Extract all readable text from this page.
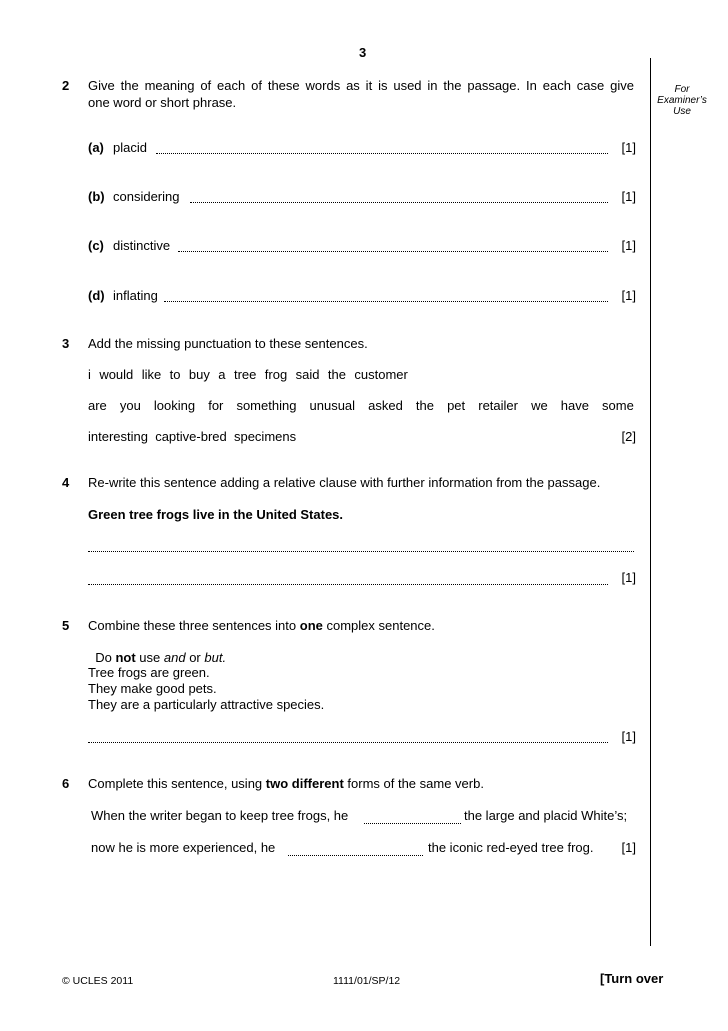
3
For
Examiner’s
Use
2 Give the meaning of each of these words as it is used in the passage. In each case give
one word or short phrase.
(a) placid	[1]
(b) considering	[1]
(c) distinctive	[1]
(d) inflating	[1]
3 Add the missing punctuation to these sentences.
i would like to buy a tree frog said the customer
are you looking for something unusual asked the pet retailer we have some
interesting  captive-bred  specimens	[2]
4 Re-write this sentence adding a relative clause with further information from the passage.
Green tree frogs live in the United States.
[1]
5 Combine these three sentences into one complex sentence.

Do not use and or but.

Tree frogs are green.
They make good pets.
They are a particularly attractive species.
[1]
6 Complete this sentence, using two different forms of the same verb.
When the writer began to keep tree frogs, he	the large and placid White’s;
now he is more experienced, he	the iconic red-eyed tree frog.	[1]
© UCLES 2011	1111/01/SP/12	[Turn over
